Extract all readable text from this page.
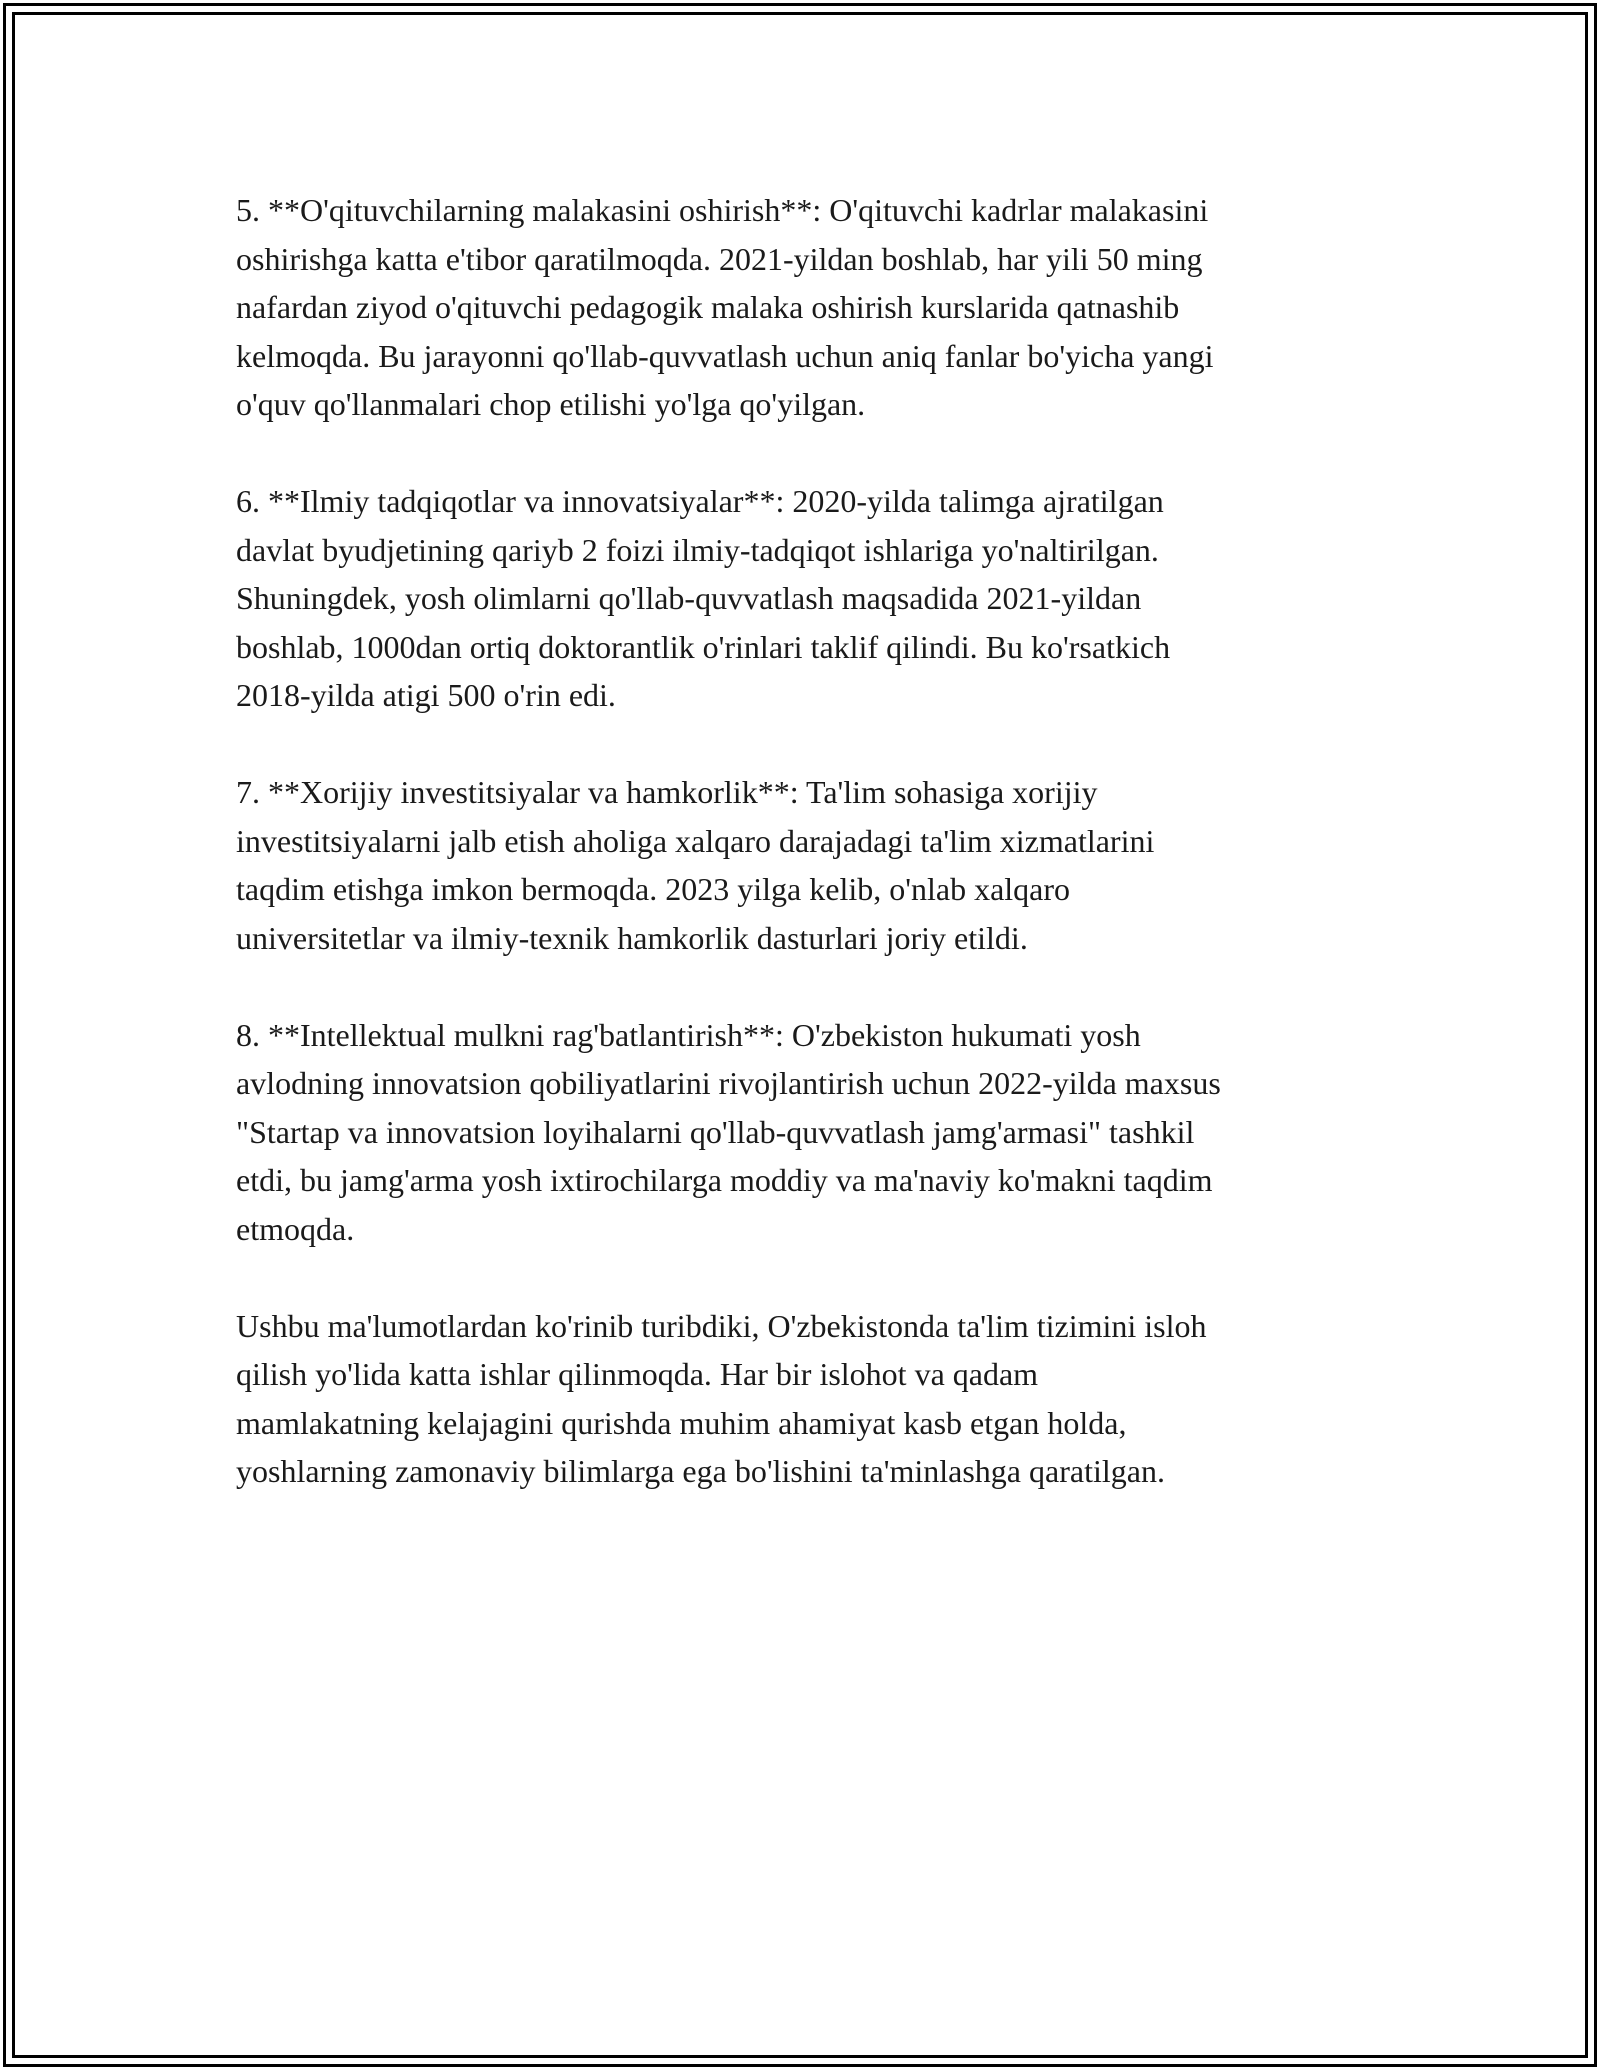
5. **O'qituvchilarning malakasini oshirish**: O'qituvchi kadrlar malakasini
oshirishga katta e'tibor qaratilmoqda. 2021-yildan boshlab, har yili 50 ming
nafardan ziyod o'qituvchi pedagogik malaka oshirish kurslarida qatnashib
kelmoqda. Bu jarayonni qo'llab-quvvatlash uchun aniq fanlar bo'yicha yangi
o'quv qo'llanmalari chop etilishi yo'lga qo'yilgan.

6. **Ilmiy tadqiqotlar va innovatsiyalar**: 2020-yilda talimga ajratilgan
davlat byudjetining qariyb 2 foizi ilmiy-tadqiqot ishlariga yo'naltirilgan.
Shuningdek, yosh olimlarni qo'llab-quvvatlash maqsadida 2021-yildan
boshlab, 1000dan ortiq doktorantlik o'rinlari taklif qilindi. Bu ko'rsatkich
2018-yilda atigi 500 o'rin edi.

7. **Xorijiy investitsiyalar va hamkorlik**: Ta'lim sohasiga xorijiy
investitsiyalarni jalb etish aholiga xalqaro darajadagi ta'lim xizmatlarini
taqdim etishga imkon bermoqda. 2023 yilga kelib, o'nlab xalqaro
universitetlar va ilmiy-texnik hamkorlik dasturlari joriy etildi.

8. **Intellektual mulkni rag'batlantirish**: O'zbekiston hukumati yosh
avlodning innovatsion qobiliyatlarini rivojlantirish uchun 2022-yilda maxsus
"Startap va innovatsion loyihalarni qo'llab-quvvatlash jamg'armasi" tashkil
etdi, bu jamg'arma yosh ixtirochilarga moddiy va ma'naviy ko'makni taqdim
etmoqda.

Ushbu ma'lumotlardan ko'rinib turibdiki, O'zbekistonda ta'lim tizimini isloh
qilish yo'lida katta ishlar qilinmoqda. Har bir islohot va qadam
mamlakatning kelajagini qurishda muhim ahamiyat kasb etgan holda,
yoshlarning zamonaviy bilimlarga ega bo'lishini ta'minlashga qaratilgan.
